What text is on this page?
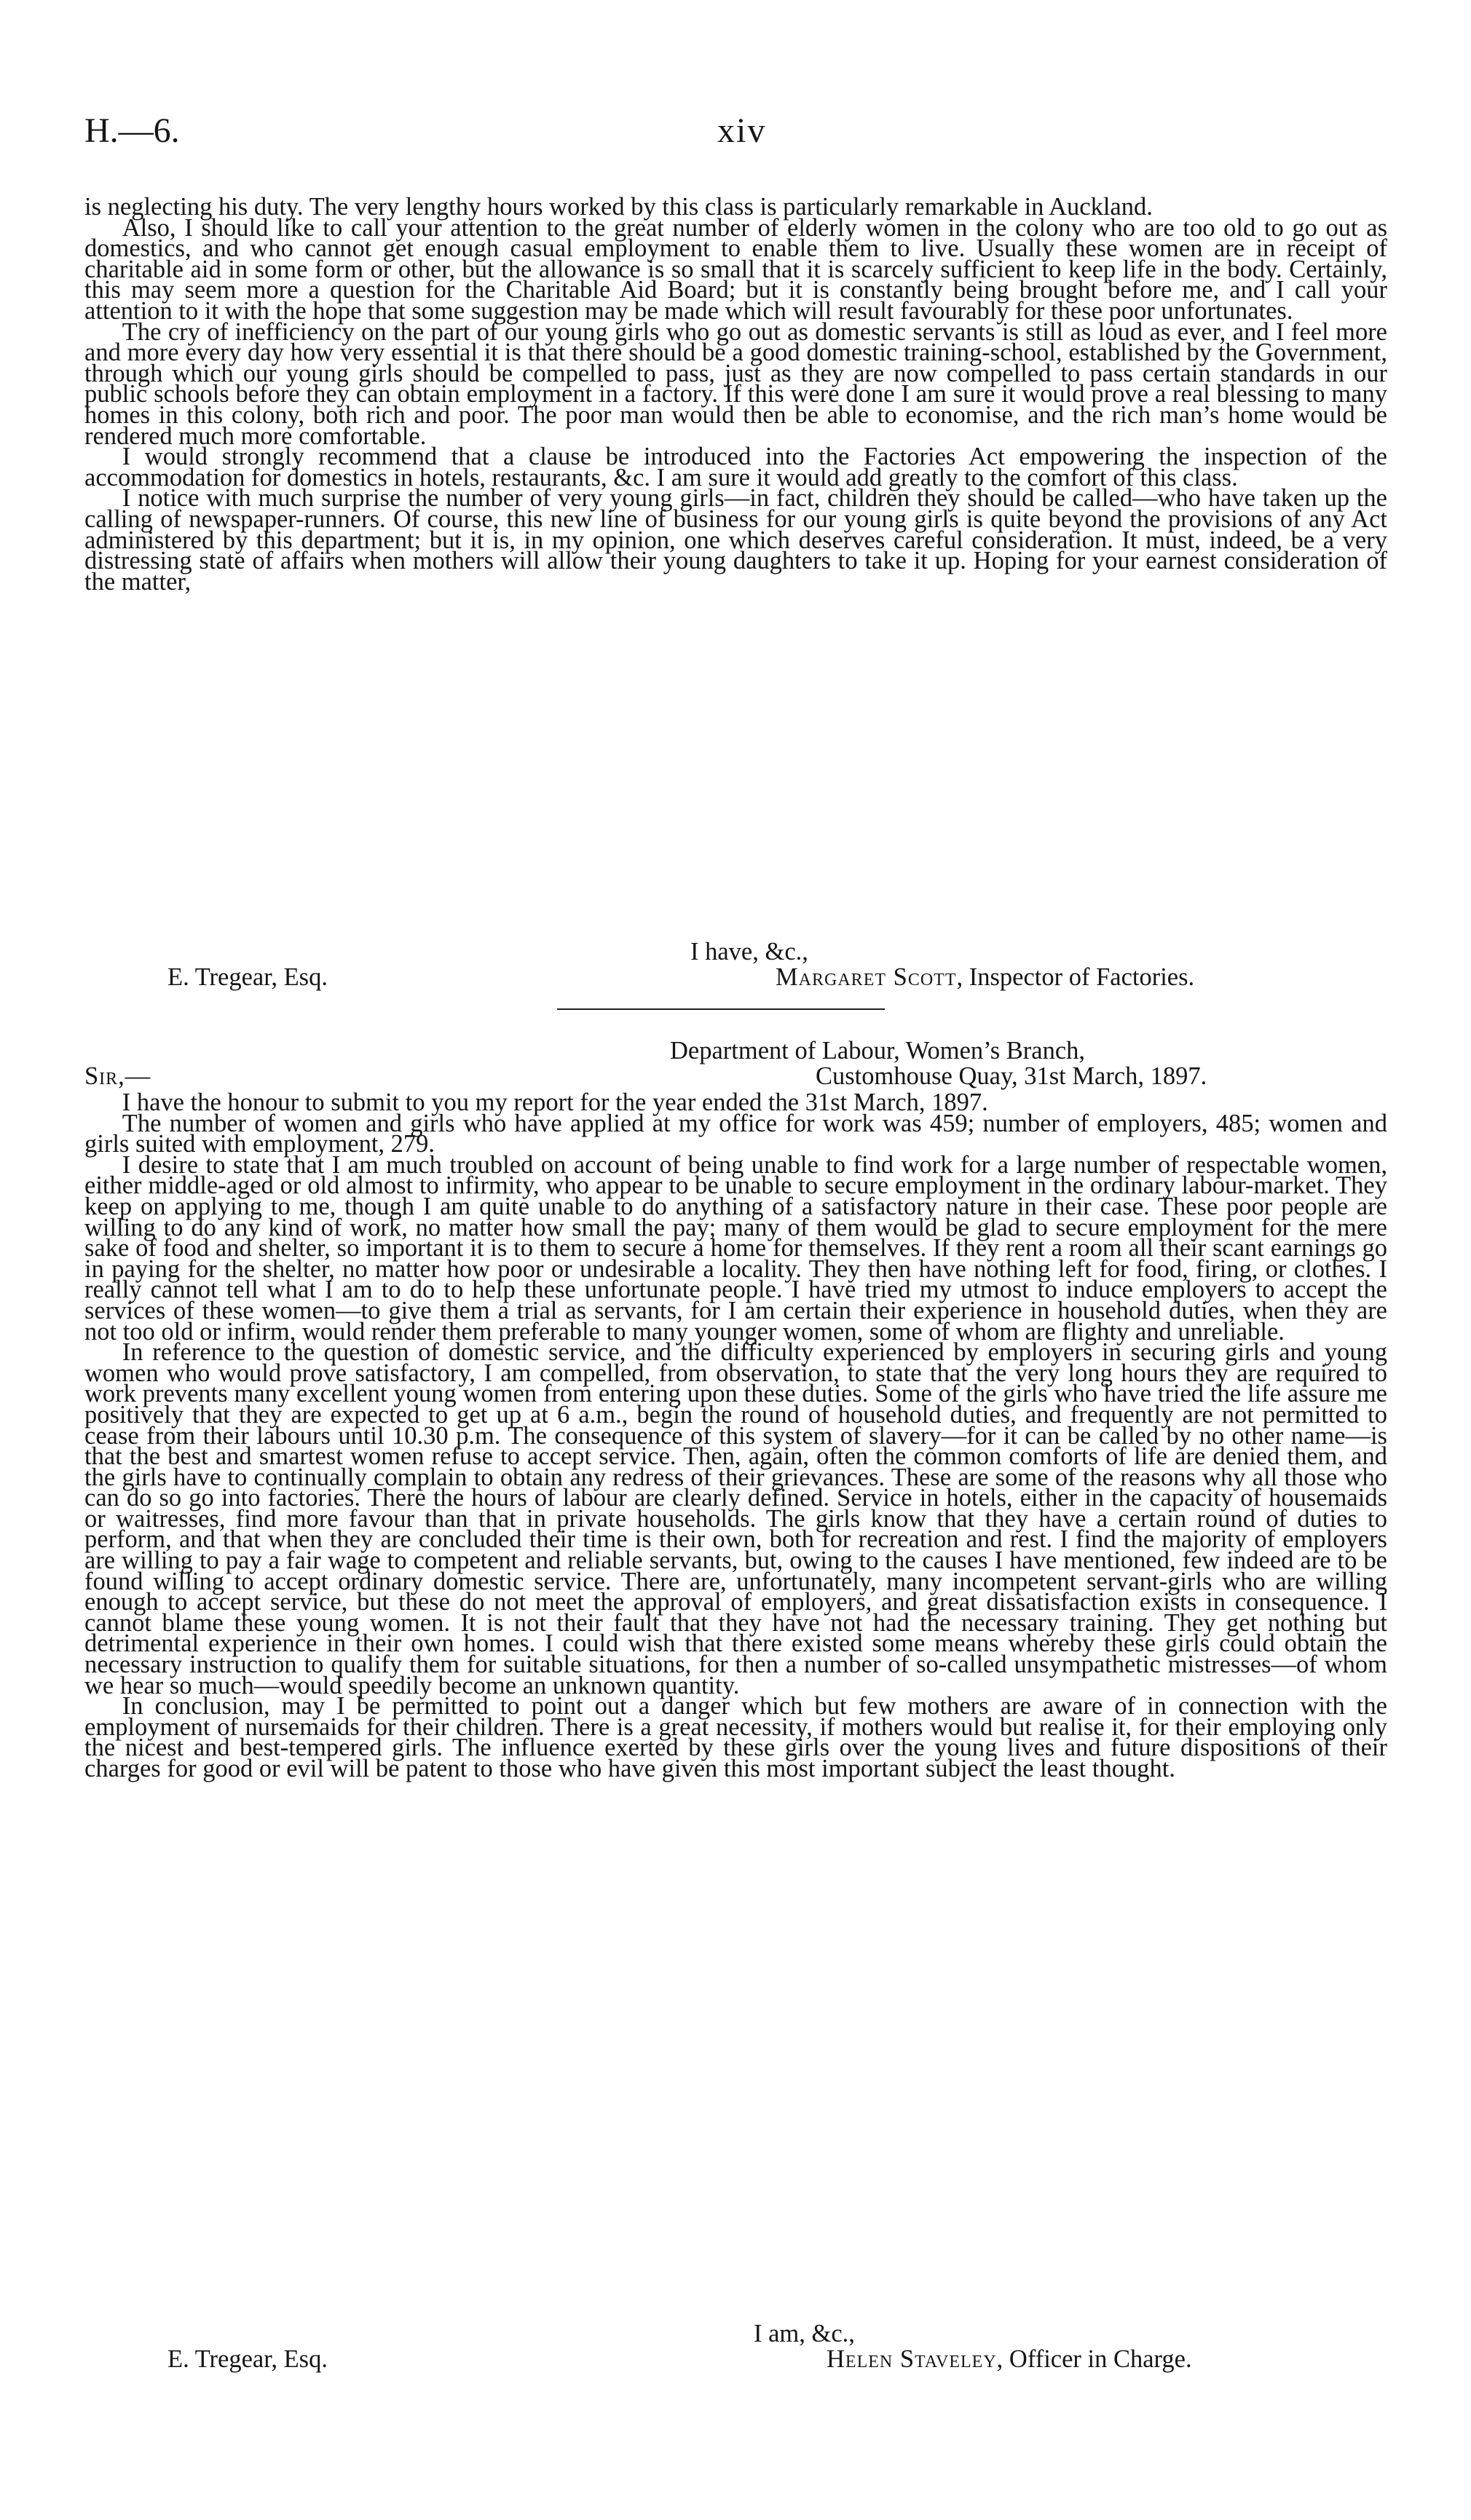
H.—6.	xiv

is neglecting his duty. The very lengthy hours worked by this class is particularly remarkable in Auckland.

Also, I should like to call your attention to the great number of elderly women in the colony who are too old to go out as domestics, and who cannot get enough casual employment to enable them to live. Usually these women are in receipt of charitable aid in some form or other, but the allowance is so small that it is scarcely sufficient to keep life in the body. Certainly, this may seem more a question for the Charitable Aid Board; but it is constantly being brought before me, and I call your attention to it with the hope that some suggestion may be made which will result favourably for these poor unfortunates.

The cry of inefficiency on the part of our young girls who go out as domestic servants is still as loud as ever, and I feel more and more every day how very essential it is that there should be a good domestic training-school, established by the Government, through which our young girls should be compelled to pass, just as they are now compelled to pass certain standards in our public schools before they can obtain employment in a factory. If this were done I am sure it would prove a real blessing to many homes in this colony, both rich and poor. The poor man would then be able to economise, and the rich man’s home would be rendered much more comfortable.

I would strongly recommend that a clause be introduced into the Factories Act empowering the inspection of the accommodation for domestics in hotels, restaurants, &c. I am sure it would add greatly to the comfort of this class.

I notice with much surprise the number of very young girls—in fact, children they should be called—who have taken up the calling of newspaper-runners. Of course, this new line of business for our young girls is quite beyond the provisions of any Act administered by this department; but it is, in my opinion, one which deserves careful consideration. It must, indeed, be a very distressing state of affairs when mothers will allow their young daughters to take it up. Hoping for your earnest consideration of the matter,

I have, &c.,
E. Tregear, Esq.	Margaret Scott, Inspector of Factories.
Department of Labour, Women’s Branch,
Sir,—	Customhouse Quay, 31st March, 1897.

I have the honour to submit to you my report for the year ended the 31st March, 1897.

The number of women and girls who have applied at my office for work was 459; number of employers, 485; women and girls suited with employment, 279.

I desire to state that I am much troubled on account of being unable to find work for a large number of respectable women, either middle-aged or old almost to infirmity, who appear to be unable to secure employment in the ordinary labour-market. They keep on applying to me, though I am quite unable to do anything of a satisfactory nature in their case. These poor people are willing to do any kind of work, no matter how small the pay; many of them would be glad to secure employment for the mere sake of food and shelter, so important it is to them to secure a home for themselves. If they rent a room all their scant earnings go in paying for the shelter, no matter how poor or undesirable a locality. They then have nothing left for food, firing, or clothes. I really cannot tell what I am to do to help these unfortunate people. I have tried my utmost to induce employers to accept the services of these women—to give them a trial as servants, for I am certain their experience in household duties, when they are not too old or infirm, would render them preferable to many younger women, some of whom are flighty and unreliable.

In reference to the question of domestic service, and the difficulty experienced by employers in securing girls and young women who would prove satisfactory, I am compelled, from observation, to state that the very long hours they are required to work prevents many excellent young women from entering upon these duties. Some of the girls who have tried the life assure me positively that they are expected to get up at 6 a.m., begin the round of household duties, and frequently are not permitted to cease from their labours until 10.30 p.m. The consequence of this system of slavery—for it can be called by no other name—is that the best and smartest women refuse to accept service. Then, again, often the common comforts of life are denied them, and the girls have to continually complain to obtain any redress of their grievances. These are some of the reasons why all those who can do so go into factories. There the hours of labour are clearly defined. Service in hotels, either in the capacity of housemaids or waitresses, find more favour than that in private households. The girls know that they have a certain round of duties to perform, and that when they are concluded their time is their own, both for recreation and rest. I find the majority of employers are willing to pay a fair wage to competent and reliable servants, but, owing to the causes I have mentioned, few indeed are to be found willing to accept ordinary domestic service. There are, unfortunately, many incompetent servant-girls who are willing enough to accept service, but these do not meet the approval of employers, and great dissatisfaction exists in consequence. I cannot blame these young women. It is not their fault that they have not had the necessary training. They get nothing but detrimental experience in their own homes. I could wish that there existed some means whereby these girls could obtain the necessary instruction to qualify them for suitable situations, for then a number of so-called unsympathetic mistresses—of whom we hear so much—would speedily become an unknown quantity.

In conclusion, may I be permitted to point out a danger which but few mothers are aware of in connection with the employment of nursemaids for their children. There is a great necessity, if mothers would but realise it, for their employing only the nicest and best-tempered girls. The influence exerted by these girls over the young lives and future dispositions of their charges for good or evil will be patent to those who have given this most important subject the least thought.

I am, &c.,
E. Tregear, Esq.	Helen Staveley, Officer in Charge.
